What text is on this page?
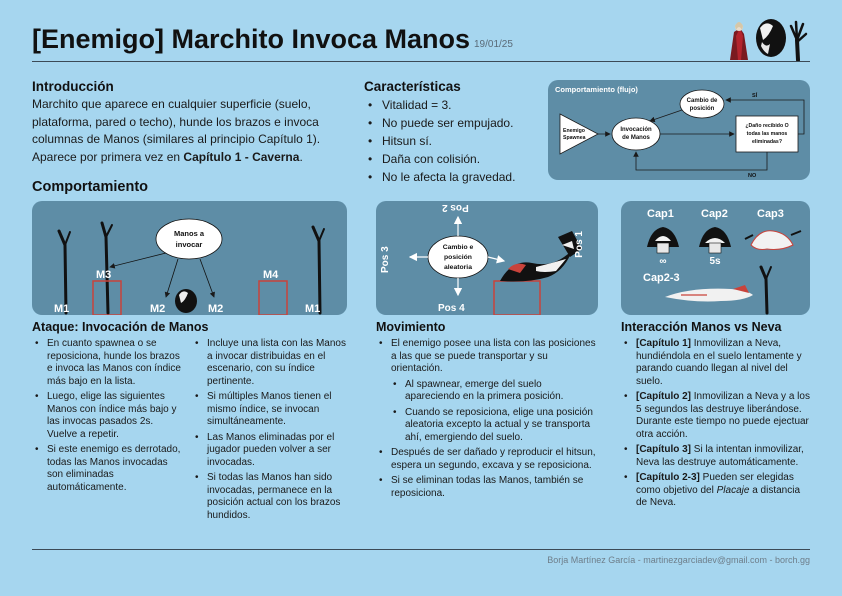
[Enemigo] Marchito Invoca Manos 19/01/25
Introducción

Marchito que aparece en cualquier superficie (suelo, plataforma, pared o techo), hunde los brazos e invoca columnas de Manos (similares al principio Capítulo 1). Aparece por primera vez en Capítulo 1 - Caverna.

Características
• Vitalidad = 3.
• No puede ser empujado.
• Hitsun sí.
• Daña con colisión.
• No le afecta la gravedad.
Comportamiento (flujo)
Enemigo
Spawnea
Invocación
de Manos
Cambio de
posición
¿Daño recibido O
todas las manos
eliminadas?
SÍ
NO
Comportamiento
Manos a
invocar
M1
M3
M2	M2
M4
M1
Cambio e
posición
aleatoria
Pos 2
Pos 3
Pos 1
Pos 4
Cap1 Cap2	Cap3
∞	5s
Cap2-3
Ataque: Invocación de Manos
• En cuanto spawnea o se reposiciona, hunde los brazos e invoca las Manos con índice más bajo en la lista.
• Luego, elige las siguientes Manos con índice más bajo y las invocas pasados 2s. Vuelve a repetir.
• Si este enemigo es derrotado, todas las Manos invocadas son eliminadas automáticamente.
• Incluye una lista con las Manos a invocar distribuidas en el escenario, con su índice pertinente.
• Si múltiples Manos tienen el mismo índice, se invocan simultáneamente.
• Las Manos eliminadas por el jugador pueden volver a ser invocadas.
• Si todas las Manos han sido invocadas, permanece en la posición actual con los brazos hundidos.
Movimiento
• El enemigo posee una lista con las posiciones a las que se puede transportar y su orientación.
• Al spawnear, emerge del suelo apareciendo en la primera posición.
• Cuando se reposiciona, elige una posición aleatoria excepto la actual y se transporta ahí, emergiendo del suelo.
• Después de ser dañado y reproducir el hitsun, espera un segundo, excava y se reposiciona.
• Si se eliminan todas las Manos, también se reposiciona.
Interacción Manos vs Neva
• [Capítulo 1] Inmovilizan a Neva, hundiéndola en el suelo lentamente y parando cuando llegan al nivel del suelo.
• [Capítulo 2] Inmovilizan a Neva y a los 5 segundos las destruye liberándose. Durante este tiempo no puede ejectuar otra acción.
• [Capítulo 3] Si la intentan inmovilizar, Neva las destruye automáticamente.
• [Capítulo 2-3] Pueden ser elegidas como objetivo del Placaje a distancia de Neva.
Borja Martínez García - martinezgarciadev@gmail.com - borch.gg
